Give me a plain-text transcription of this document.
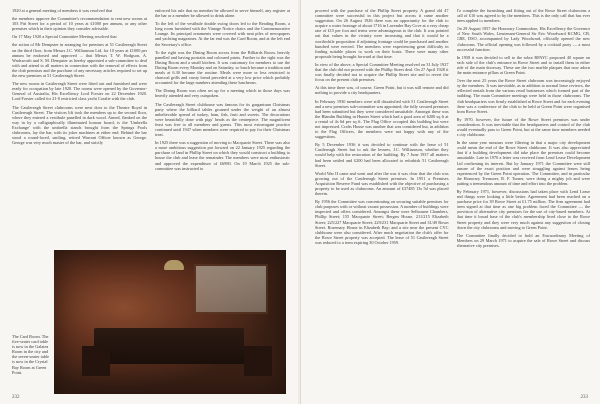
1920 at a general meeting of members it was resolved that

the members approve the Committee's recommendation to rent new rooms at 103 Pitt Street for a period of 10 years at £1000 per annum, or any other premises which in their opinion they consider advisable.

On 17 May 1920 a Special Committee Meeting resolved that

the action of Mr Dempster in arranging for premises at 51 Castlereagh Street on the third floor, from Messrs J.C. Williamson Ltd, for 10 years at £1000 per annum be endorsed and approved ... that Messrs T. W. Hodgson, A. Wadsworth and S. M. Dempster as hereby appointed a sub-committee to deal with and attend to all matters in connection with the removal of effects from the club premises and the purchase of any necessary articles required to set up the new premises at 51 Castlereagh Street.

The new rooms in Castlereagh Street were fitted out and furnished and were ready for occupation by late 1920. The rooms were opened by the Governor-General of Australia, His Excellency Lord Forster on 22 December 1920. Lord Forster called for 21-0 restricted class yacht Coralie with the club.

The Castlereagh Street clubrooms were next door to the Theatre Royal in Castlereagh Street. The visitors lift took the members up to the second floor, where they entered a vestibule panelled in dark wood. Aimed, flanked on the way in by a calligraphically illuminated honour board, is the 'Umbrella Exchange' with the umbrella stands brought from the Springs Pools clubrooms, lay the bar, with its joker machines at either end. Behind the bar stood a round-faced, smiling, retired Warrant Officer known as George. George was very much master of the bar, and strictly

enforced his rule that no member be allowed to serve himself, any register at the bar or a member be allowed to drink alone.

To the left of the vestibule double swing doors led to the Reading Room, a long room furnished with the Vintage Notice chairs and the Commemorative Lounge. Its principal ornaments were covered with neat piles of newspapers and yachting magazines. At the far end was the Card Room, and at the left end the Secretary's office.

To the right was the Dining Room across from the Billiards Room, heavily panelled and having portraits and coloured prints. Further to the right was the Dining Room and a small kitchen. It was customary for members to use the Dining Room every Monday and on Saturday, so lunch became a tradition and meals at 6.30 became the routine. Meals were more or less restricted to charcoal grills and crusty bread preceded at a very low price which probably accounted for the large numbers attending these luncheons.

The Dining Room was often set up for a meeting which in those days was heavily attended and very outspoken.

The Castlereagh Street clubhouse was famous for its gargantuan Christmas party where the billiard tables groaned under the weight of an almost unbelievable spread of turkey, ham, fish, fruit and sweets. The decorations were beautifully done with pigs' heads as the centrepiece. The magnificent feast was free to all members and guests. This most extravagant practice continued until 1947 when members were required to pay for their Christmas treat.

In 1925 there was a suggestion of moving to Macquarie Street. There was also a more ambitious suggestion put forward on 22 January 1925 regarding the purchase of land in Phillip Street on which they would construct a building to house the club and lease the remainder. The members were most enthusiastic and approved the expenditure of £6980. On 19 March 1925 the sub-committee was instructed to

The Card Room. The five-seater card table is now in the Galatea Room in the city and the seven-seater table is now in the Crystal Bay Room at Green Point.
232

proceed with the purchase of the Phillip Street property. A grand old 47 committee were successful in this project but across it came another suggestion. On 26 August 1926 there was an opportunity for the club to acquire a water frontage of about 1716 in Lavender Bay Cove at a very cheap rate of £15 per foot and terms were advantageous to the club. It was pointed out that values in the vicinity were increasing and that it would be a worthwhile proposition if adjoining frontage could be purchased and another hundred were erected. The members were experiencing great difficulty in finding suitable places to work on their boats. There were many other proposals being brought forward at that time.

In view of the above, a Special Committee Meeting resolved on 31 July 1927 that the club did not proceed with the Phillip Street deal. On 27 April 1928 it was finally decided not to acquire the Phillip Street site and to revert the focus on the present club premises.

At this time there was, of course, Green Point, but it was still remote and did nothing to provide a city headquarters.

In February 1930 members were still dissatisfied with 51 Castlereagh Street and a new premises sub-committee was appointed; the fully secured premises had been submitted but they were considered unsuitable. Amongst these was the Blandin Building in Hunter Street which had a good area of 6200 sq ft at a rental of 4s 6d per sq ft. The Flag Office occupied this building but were not impressed. Crafts House was another that was considered but, in addition to the Flag Officers, the members were not happy with any of the suggestions.

By 5 December 1936 it was decided to continue with the lease of 51 Castlereagh Street but to ask the lessees, J.C. Williamson, whether they would help with the restoration of the building. By 7 June 1937 all matters had been settled and £200 had been allocated to refurbish 51 Castlereagh Street.

World War II came and went and after the war it was clear that the club was growing out of the Castlereagh Street premises. In 1951 a Premises Acquisition Reserve Fund was established with the objective of purchasing a property to be used as clubrooms. An amount of £37485 13s 5d was placed therein.

By 1956 the Committee was concentrating on securing suitable premises for club purposes with or without vacant possession. A number of buildings were inspected and offers considered. Amongst these were Selbourne Chambers, Phillip Street; 155 Macquarie Street; Bergen House, 211/215 Elizabeth Street; 225/227 Macquarie Street; 229/231 Macquarie Street and 31/49 Bown Street. Rosemary House in Elizabeth Bay; and a site near the present CYC clubhouse were also considered. After much negotiation the club's offer for the Rowe Street property was accepted. The lease of 51 Castlereagh Street was reduced to a term expiring 30 October 1959.

To complete the furnishing and fitting out of the Rowe Street clubrooms a call of £10 was agreed to by the members. This is the only call that has ever been applied to members.

On 29 August 1957 the Honorary Commodore, His Excellency the Governor of New South Wales, Lieutenant-General Sir Eric Woodward KCMG, CB, CBE, DSO, accompanied by Lady Woodward, officially opened the new clubrooms. The official opening was followed by a cocktail party — a most successful function.

In 1958 it was decided to sell to the robot RPAYC proposed 40 square on each side of the club's entrance in Rowe Street and to install them in either side of the main doorway. These are the two marble plaques that now adorn the main entrance pillars at Green Point.

Over the next 25 years the Rowe Street clubroom was increasingly enjoyed by the members. It was inevitable, as in addition to normal lease reviews, the reflected rentals from the various retail businesses which formed part of the building. The main Committee meetings were held in those clubrooms. The club headquarters was firmly established at Rowe Street and for each evening there was a conference of the club to be held at Green Point were organised from Rowe Street.

By 1970, however, the future of the Rowe Street premises was under consideration. It was inevitable that the headquarters and control of the club would eventually pass to Green Point, but at the same time members needed a city clubhouse.

In the same year rumours were filtering in that a major city development could mean the end of the Rowe Street clubhouse. It was also appreciated that if a building development did take place the premises could become unsuitable. Late in 1970 a letter was received from Lend Lease Development Ltd confirming its interest. But by January 1971 the Committee were still unsure of the exact position and were struggling against leases being experienced by the Green Point operation. The Committee, and in particular the Honorary Treasurer, R. F. Turner, were doing a mighty job and were putting a tremendous amount of time and effort into the problem.

By February 1971, however, discussions had taken place with Lend Lease and things were looking a little better. Agreement had been reached on a purchase price for 39 Rowe Street at £1.75 million. The firm agreement had been signed at that time as one big problem faced the Committee — the provision of alternative city premises for the use of city-based members. At that time it broad base of the club's membership lived close to the Rowe Street property and they were very much against any suggestion of closing down the city clubrooms and moving to Green Point.

The Committee finally decided to hold an Extraordinary Meeting of Members on 29 March 1971 to acquire the sale of Rowe Street and discuss alternative city premises.

233
